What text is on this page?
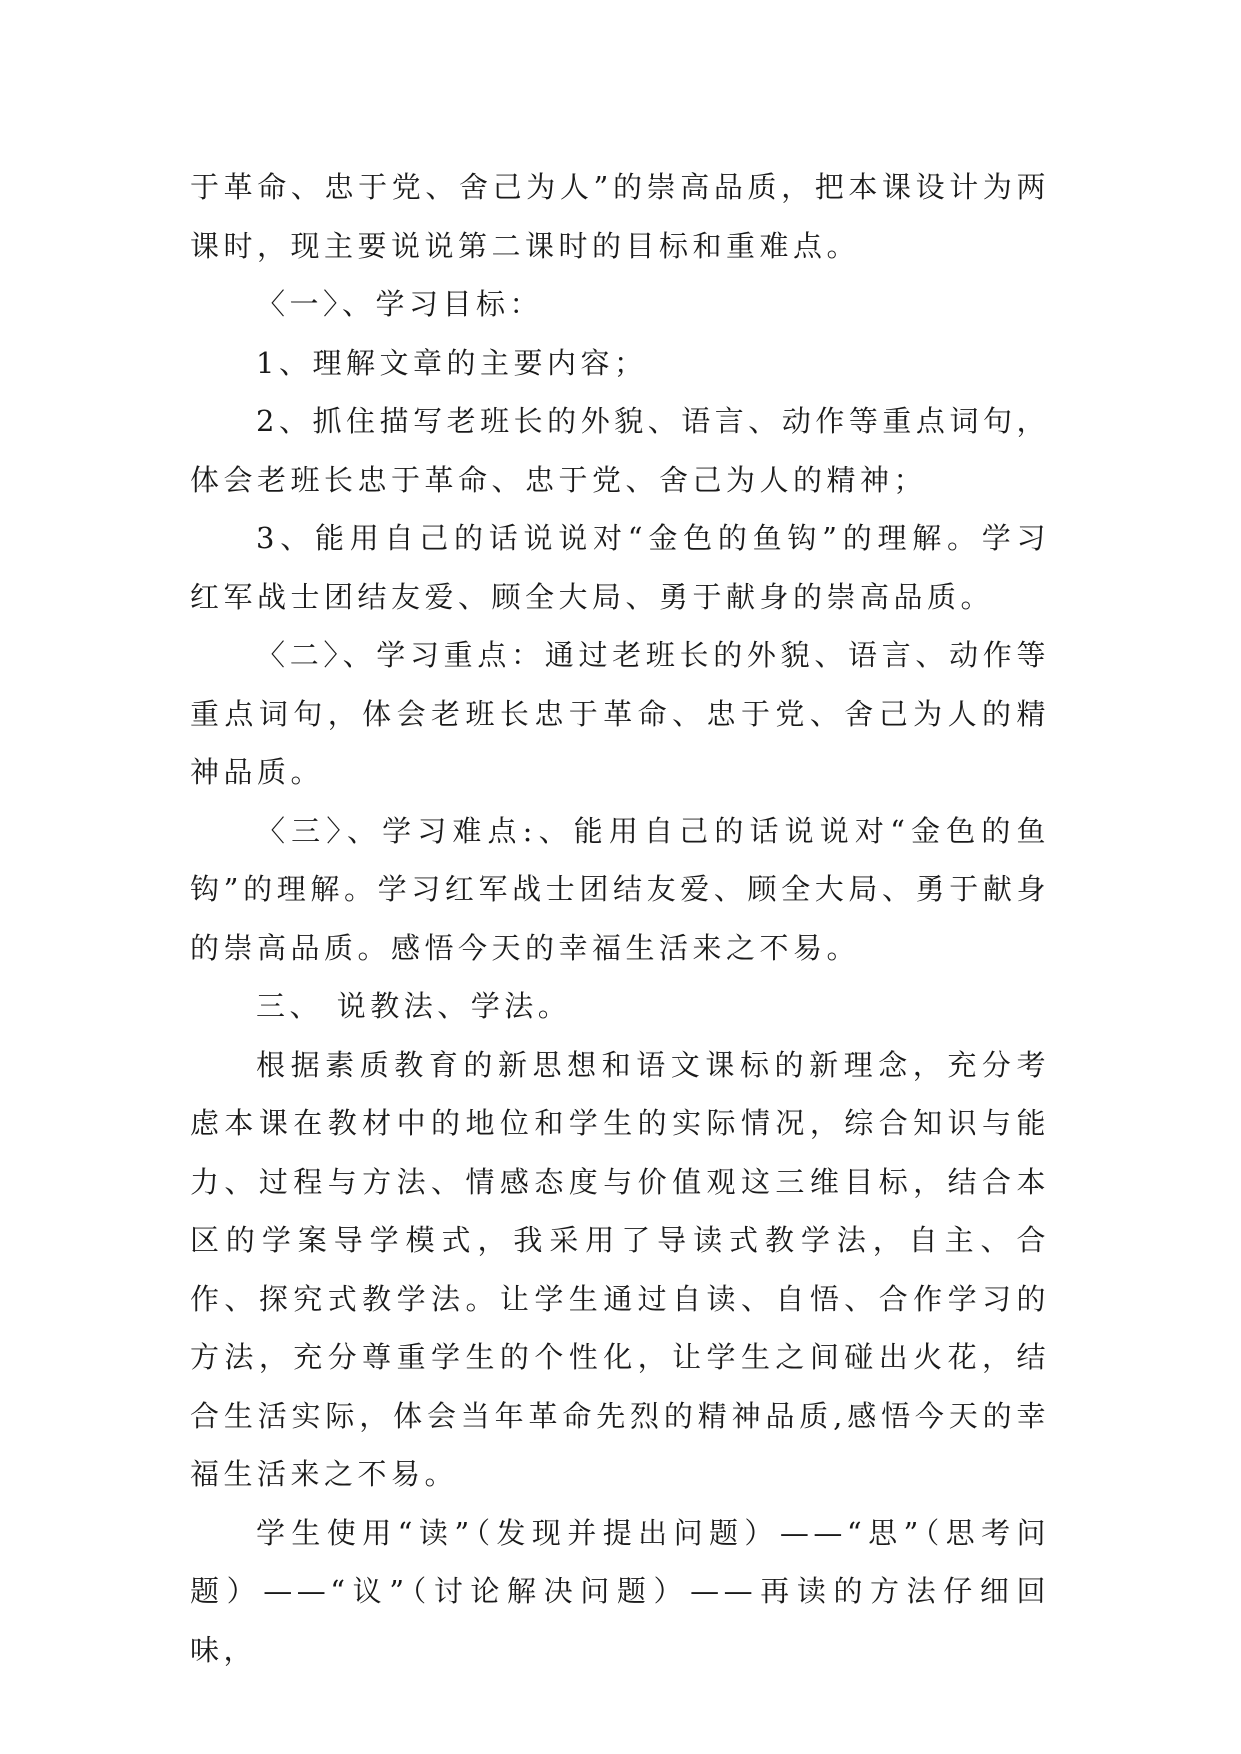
于革命、忠于党、舍己为人”的崇高品质，把本课设计为两课时，现主要说说第二课时的目标和重难点。

〈一〉、学习目标：

1、理解文章的主要内容；

2、抓住描写老班长的外貌、语言、动作等重点词句，体会老班长忠于革命、忠于党、舍己为人的精神；

3、能用自己的话说说对“金色的鱼钩”的理解。学习红军战士团结友爱、顾全大局、勇于献身的崇高品质。

〈二〉、学习重点：通过老班长的外貌、语言、动作等重点词句，体会老班长忠于革命、忠于党、舍己为人的精神品质。

〈三〉、学习难点:、能用自己的话说说对“金色的鱼钩”的理解。学习红军战士团结友爱、顾全大局、勇于献身的崇高品质。感悟今天的幸福生活来之不易。

三、 说教法、学法。

根据素质教育的新思想和语文课标的新理念，充分考虑本课在教材中的地位和学生的实际情况，综合知识与能力、过程与方法、情感态度与价值观这三维目标，结合本区的学案导学模式，我采用了导读式教学法，自主、合作、探究式教学法。让学生通过自读、自悟、合作学习的方法，充分尊重学生的个性化，让学生之间碰出火花，结合生活实际，体会当年革命先烈的精神品质,感悟今天的幸福生活来之不易。

学生使用“读”（发现并提出问题）——“思”（思考问题）——“议”（讨论解决问题）——再读的方法仔细回味，
